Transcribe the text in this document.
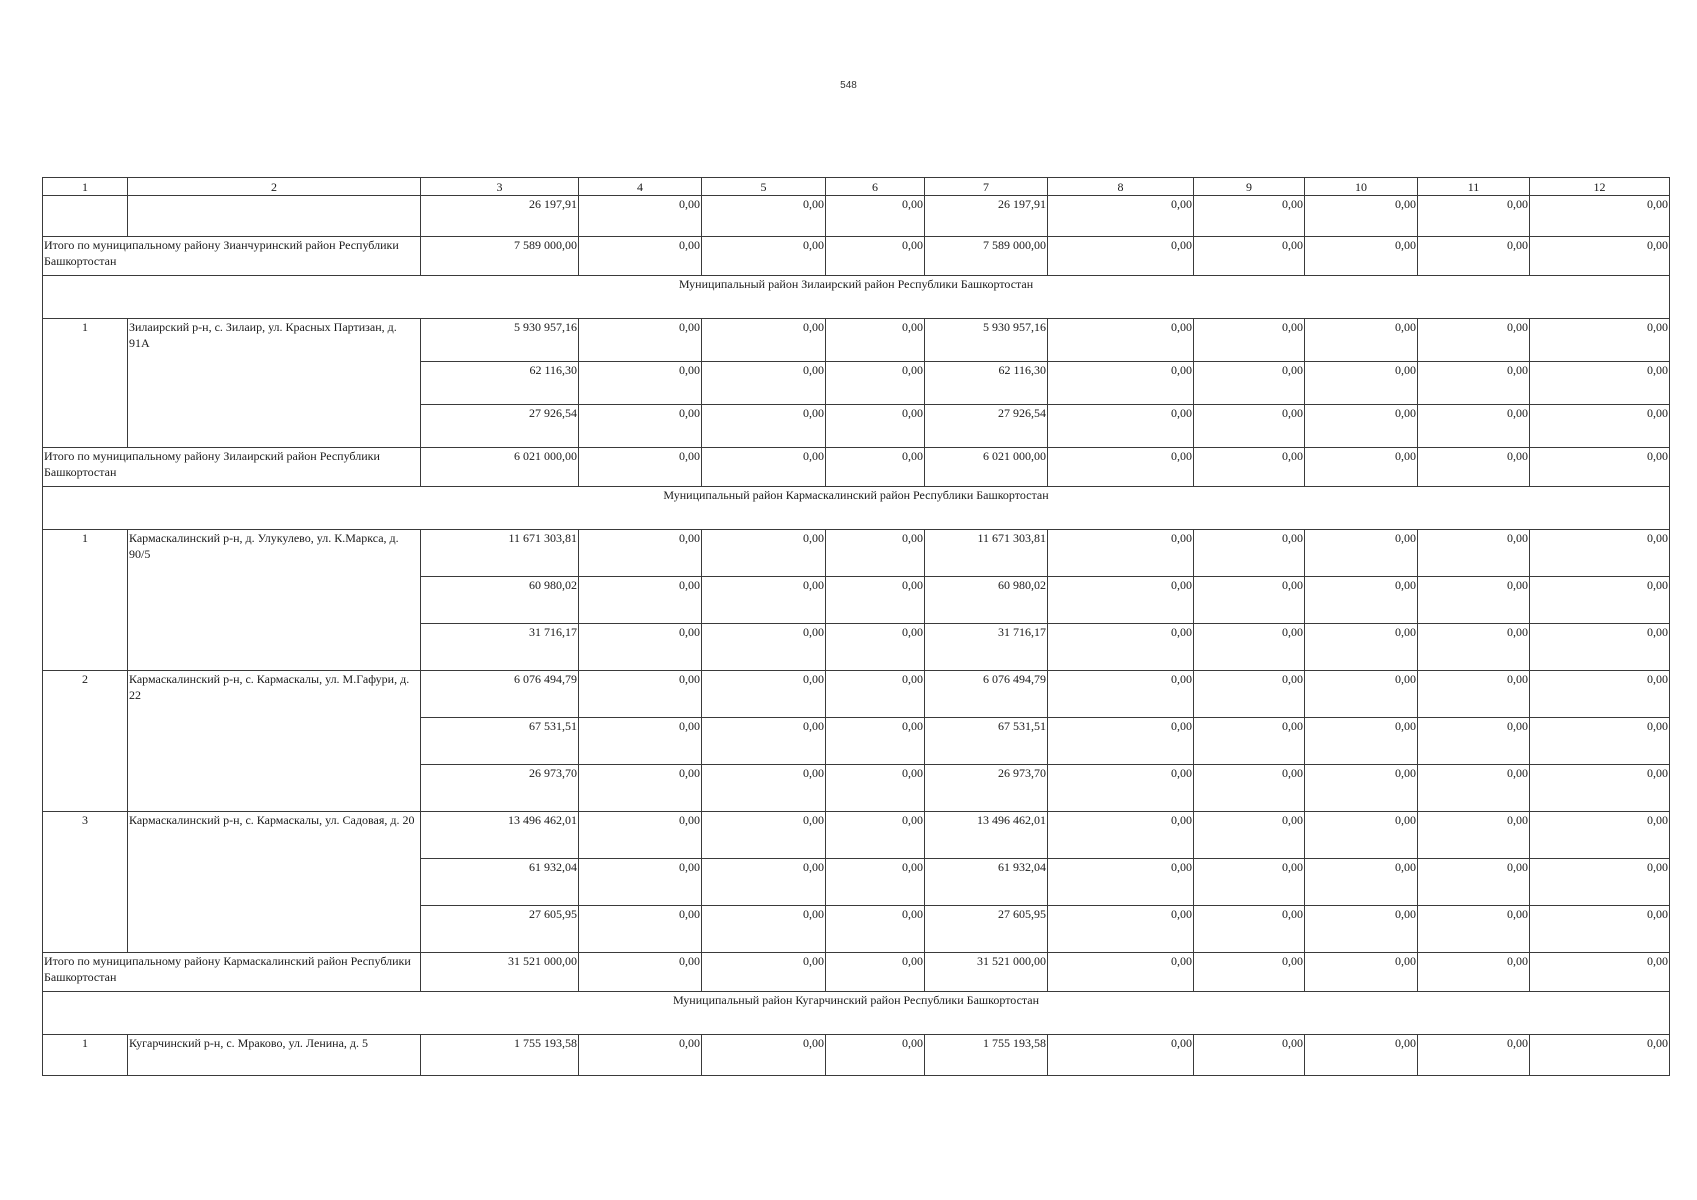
548
1	2	3	4	5	6	7	8	9	10	11	12
		26 197,91	0,00	0,00	0,00	26 197,91	0,00	0,00	0,00	0,00	0,00
Итого по муниципальному району Зианчуринский район Республики Башкортостан		7 589 000,00	0,00	0,00	0,00	7 589 000,00	0,00	0,00	0,00	0,00	0,00
Муниципальный район Зилаирский район Республики Башкортостан											
1	Зилаирский р-н, с. Зилаир, ул. Красных Партизан, д. 91А	5 930 957,16	0,00	0,00	0,00	5 930 957,16	0,00	0,00	0,00	0,00	0,00
		62 116,30	0,00	0,00	0,00	62 116,30	0,00	0,00	0,00	0,00	0,00
		27 926,54	0,00	0,00	0,00	27 926,54	0,00	0,00	0,00	0,00	0,00
Итого по муниципальному району Зилаирский район Республики Башкортостан		6 021 000,00	0,00	0,00	0,00	6 021 000,00	0,00	0,00	0,00	0,00	0,00
Муниципальный район Кармаскалинский район Республики Башкортостан											
1	Кармаскалинский р-н, д. Улукулево, ул. К.Маркса, д. 90/5	11 671 303,81	0,00	0,00	0,00	11 671 303,81	0,00	0,00	0,00	0,00	0,00
		60 980,02	0,00	0,00	0,00	60 980,02	0,00	0,00	0,00	0,00	0,00
		31 716,17	0,00	0,00	0,00	31 716,17	0,00	0,00	0,00	0,00	0,00
2	Кармаскалинский р-н, с. Кармаскалы, ул. М.Гафури, д. 22	6 076 494,79	0,00	0,00	0,00	6 076 494,79	0,00	0,00	0,00	0,00	0,00
		67 531,51	0,00	0,00	0,00	67 531,51	0,00	0,00	0,00	0,00	0,00
		26 973,70	0,00	0,00	0,00	26 973,70	0,00	0,00	0,00	0,00	0,00
3	Кармаскалинский р-н, с. Кармаскалы, ул. Садовая, д. 20	13 496 462,01	0,00	0,00	0,00	13 496 462,01	0,00	0,00	0,00	0,00	0,00
		61 932,04	0,00	0,00	0,00	61 932,04	0,00	0,00	0,00	0,00	0,00
		27 605,95	0,00	0,00	0,00	27 605,95	0,00	0,00	0,00	0,00	0,00
Итого по муниципальному району Кармаскалинский район Республики Башкортостан		31 521 000,00	0,00	0,00	0,00	31 521 000,00	0,00	0,00	0,00	0,00	0,00
Муниципальный район Кугарчинский район Республики Башкортостан											
1	Кугарчинский р-н, с. Мраково, ул. Ленина, д. 5	1 755 193,58	0,00	0,00	0,00	1 755 193,58	0,00	0,00	0,00	0,00	0,00
